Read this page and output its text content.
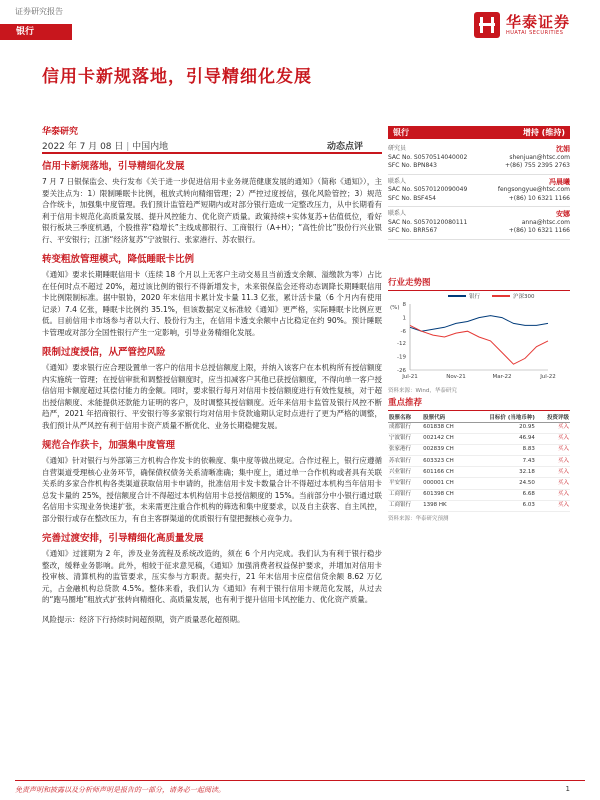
证券研究报告
华泰证券
HUATAI SECURITIES
银行
信用卡新规落地，引导精细化发展
华泰研究
2022 年 7 月 08 日 | 中国内地	动态点评
信用卡新规落地，引导精细化发展

7 月 7 日银保监会、央行发布《关于进一步促进信用卡业务规范健康发展的通知》（简称《通知》），主要关注点为：1）限制睡眠卡比例，租放式转向精细管理；2）严控过度授信，强化风险管控；3）规范合作统卡，加强集中度管理。我们预计监管趋严短期内或对部分银行造成一定整改压力，从中长期看有利于信用卡规范化高质量发展、提升风控能力、优化资产质量。政策持续+实体复苏+估值低位，看好银行板块三季度机遇，个股推荐“稳增长”主线成都银行、工商银行（A+H）；“高性价比”股份行兴业银行、平安银行；江浙“经济复苏”宁波银行、张家港行、苏农银行。

转变粗放管理模式，降低睡眠卡比例

《通知》要求长期睡眠信用卡（连续 18 个月以上无客户主动交易且当前透支余额、溢缴款为零）占比在任何时点不超过 20%，超过该比例的银行不得新增发卡，未来银保监会还将动态调降长期睡眠信用卡比例限制标准。据中银协，2020 年末信用卡累计发卡量 11.3 亿张，累计活卡量（6 个月内有使用记录）7.4 亿张，睡眠卡比例约 35.1%，但该数据定义标准较《通知》更严格，实际睡眠卡比例应更低。目前信用卡市场参与者以大行、股份行为主，在信用卡透支余额中占比稳定在约 90%。预计睡眠卡管理或对部分全国性银行产生一定影响，引导业务精细化发展。

限制过度授信，从严管控风险

《通知》要求银行应合理设置单一客户的信用卡总授信额度上限，并纳入该客户在本机构所有授信额度内实施统一管理；在授信审批和调整授信额度时，应当扣减客户其他已获授信额度，不得向单一客户授信信用卡额度超过其偿付能力的金额。同时，要求银行每月对信用卡授信额度进行有效性复核，对于超出授信额度、未能提供还款能力证明的客户，及时调整其授信额度。近年来信用卡监管及银行风控不断趋严，2021 年招商银行、平安银行等多家银行均对信用卡贷款逾期认定时点进行了更为严格的调整，我们预计从严风控有利于信用卡资产质量不断优化、业务长期稳健发展。

规范合作获卡，加强集中度管理

《通知》针对银行与外部第三方机构合作发卡的依赖度、集中度等做出规定。合作过程上，银行应遵循自营渠道受理核心业务环节，确保债权债务关系清晰准确；集中度上，通过单一合作机构或者具有关联关系的多家合作机构各类渠道获取信用卡申请的，批准信用卡发卡数量合计不得超过本机构当年信用卡总发卡量的 25%，授信额度合计不得超过本机构信用卡总授信额度的 15%。当前部分中小银行通过联名信用卡实现业务快速扩张，未来需更注重合作机构的筛选和集中度要求，以及自主获客、自主风控，部分银行或存在整改压力，有自主客群渠道的优质银行有望把握核心竞争力。

完善过渡安排，引导精细化高质量发展

《通知》过渡期为 2 年，涉及业务流程及系统改造的，须在 6 个月内完成。我们认为有利于银行稳步整改，缓释业务影响。此外，相较于征求意见稿，《通知》加强消费者权益保护要求，并增加对信用卡投审核、清算机构的监管要求，压实参与方职责。据央行，21 年末信用卡应偿信贷余额 8.62 万亿元，占金融机构总贷款 4.5%。整体来看，我们认为《通知》有利于银行信用卡规范化发展，从过去的“跑马圈地”粗放式扩张转向精细化、高质量发展，也有利于提升信用卡风控能力、优化资产质量。

风险提示：经济下行持续时间超预期，资产质量恶化超预期。

银行	增持 (维持)
研究员	沈娟
SAC No. S0570514040002	shenjuan@htsc.com
SFC No. BPN843	+(86) 755 2395 2763
联系人	冯晨曦
SAC No. S0570120090049	fengsongyue@htsc.com
SFC No. BSF454	+(86) 10 6321 1166
联系人	安娜
SAC No. S0570120080111	anna@htsc.com
SFC No. BRR567	+(86) 10 6321 1166
行业走势图
银行	沪深300
(%) 8
1
-6
-12
-19
-26
Jul-21	Nov-21	Mar-22	Jul-22
资料来源：Wind，华泰研究
重点推荐
股票名称	股票代码	目标价 (当地币种)	投资评级
成都银行	601838 CH	20.95	买入
宁波银行	002142 CH	46.94	买入
张家港行	002839 CH	8.83	买入
苏农银行	603323 CH	7.43	买入
兴业银行	601166 CH	32.18	买入
平安银行	000001 CH	24.50	买入
工商银行	601398 CH	6.68	买入
工商银行	1398 HK	6.03	买入
资料来源：华泰研究预测
免责声明和披露以及分析师声明是报告的一部分，请务必一起阅读。	1
